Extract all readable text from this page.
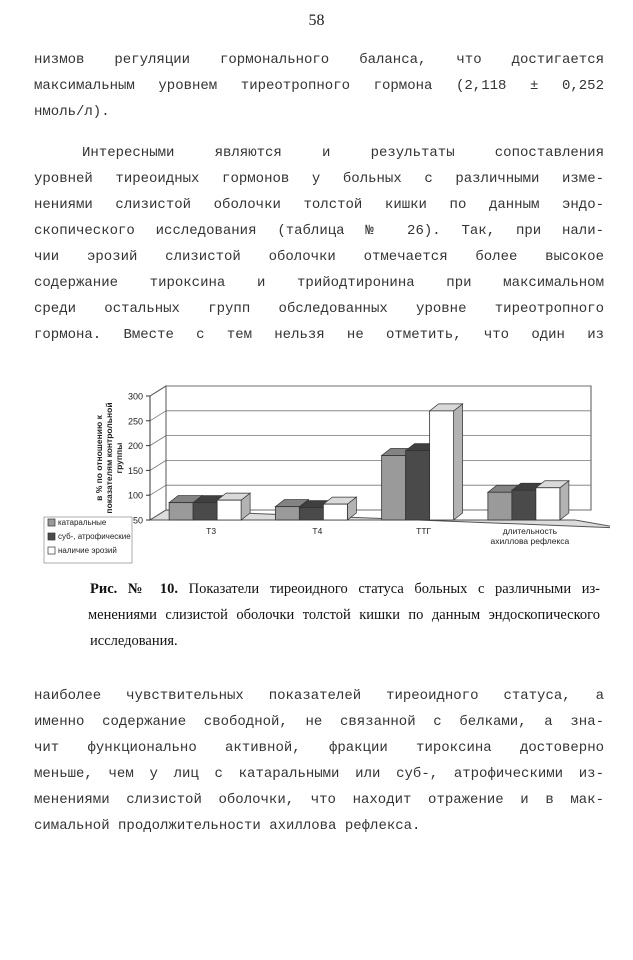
58
низмов регуляции гормонального баланса, что достигается
максимальным уровнем тиреотропного гормона (2,118 ± 0,252
нмоль/л).
Интересными являются и результаты сопоставления
уровней тиреоидных гормонов у больных с различными изме-
нениями слизистой оболочки толстой кишки по данным эндо-
скопического исследования (таблица № 26). Так, при нали-
чии эрозий слизистой оболочки отмечается более высокое
содержание тироксина и трийодтиронина при максимальном
среди остальных групп обследованных уровне тиреотропного
гормона. Вместе с тем нельзя не отметить, что один из
50
100
150
200
250
300
в % по отношению к показателям контрольной группы
Т3	Т4	ТТГ	длительность
ахиллова рефлекса
катаральные
суб-, атрофические
наличие эрозий
Рис. № 10. Показатели тиреоидного статуса больных с различными из-
менениями слизистой оболочки толстой кишки по данным эндоскопического
исследования.
наиболее чувствительных показателей тиреоидного статуса, а
именно содержание свободной, не связанной с белками, а зна-
чит функционально активной, фракции тироксина достоверно
меньше, чем у лиц с катаральными или суб-, атрофическими из-
менениями слизистой оболочки, что находит отражение и в мак-
симальной продолжительности ахиллова рефлекса.
